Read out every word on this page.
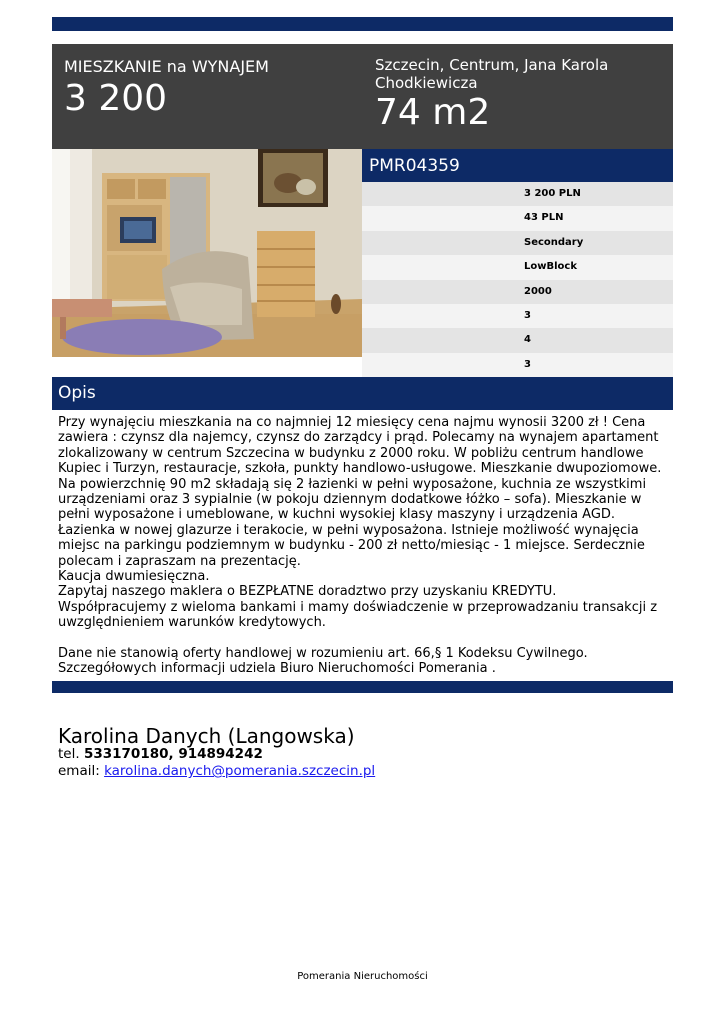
MIESZKANIE na WYNAJEM
3 200
Szczecin, Centrum, Jana Karola Chodkiewicza
74 m2
PMR04359
3 200 PLN
43 PLN
Secondary
LowBlock
2000
3
4
3
Opis

Przy wynajęciu mieszkania na co najmniej 12 miesięcy cena najmu wynosii 3200 zł ! Cena zawiera : czynsz dla najemcy, czynsz do zarządcy i prąd. Polecamy na wynajem apartament zlokalizowany w centrum Szczecina w budynku z 2000 roku. W pobliżu centrum handlowe Kupiec i Turzyn, restauracje, szkoła, punkty handlowo-usługowe. Mieszkanie dwupoziomowe. Na powierzchnię 90 m2 składają się 2 łazienki w pełni wyposażone, kuchnia ze wszystkimi urządzeniami oraz 3 sypialnie (w pokoju dziennym dodatkowe łóżko – sofa). Mieszkanie w pełni wyposażone i umeblowane, w kuchni wysokiej klasy maszyny i urządzenia AGD. Łazienka w nowej glazurze i terakocie, w pełni wyposażona. Istnieje możliwość wynajęcia miejsc na parkingu podziemnym w budynku - 200 zł netto/miesiąc - 1 miejsce. Serdecznie polecam i zapraszam na prezentację.

Kaucja dwumiesięczna.

Zapytaj naszego maklera o BEZPŁATNE doradztwo przy uzyskaniu KREDYTU. Współpracujemy z wieloma bankami i mamy doświadczenie w przeprowadzaniu transakcji z uwzględnieniem warunków kredytowych.

Dane nie stanowią oferty handlowej w rozumieniu art. 66,§ 1 Kodeksu Cywilnego. Szczegółowych informacji udziela Biuro Nieruchomości Pomerania .

Karolina Danych (Langowska)
tel. 533170180, 914894242
email: karolina.danych@pomerania.szczecin.pl
Pomerania Nieruchomości
